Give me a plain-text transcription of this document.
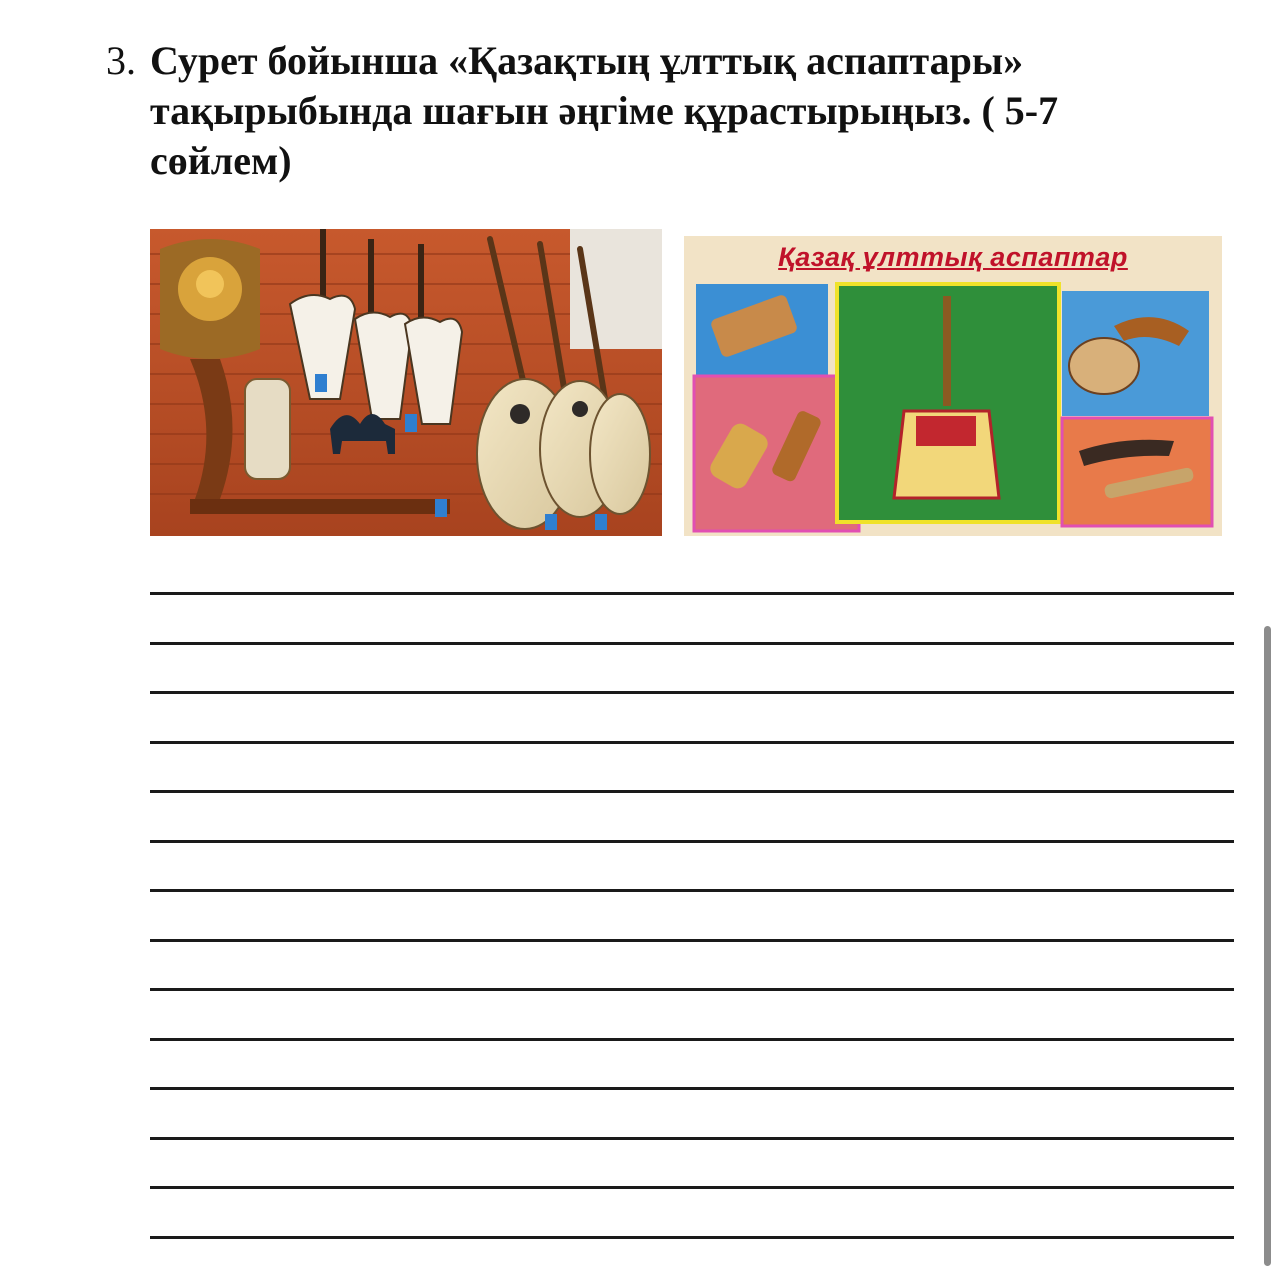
3. Сурет бойынша «Қазақтың ұлттық аспаптары»
тақырыбында шағын әңгіме құрастырыңыз. ( 5-7
сөйлем)
Қазақ ұлттық аспаптар
